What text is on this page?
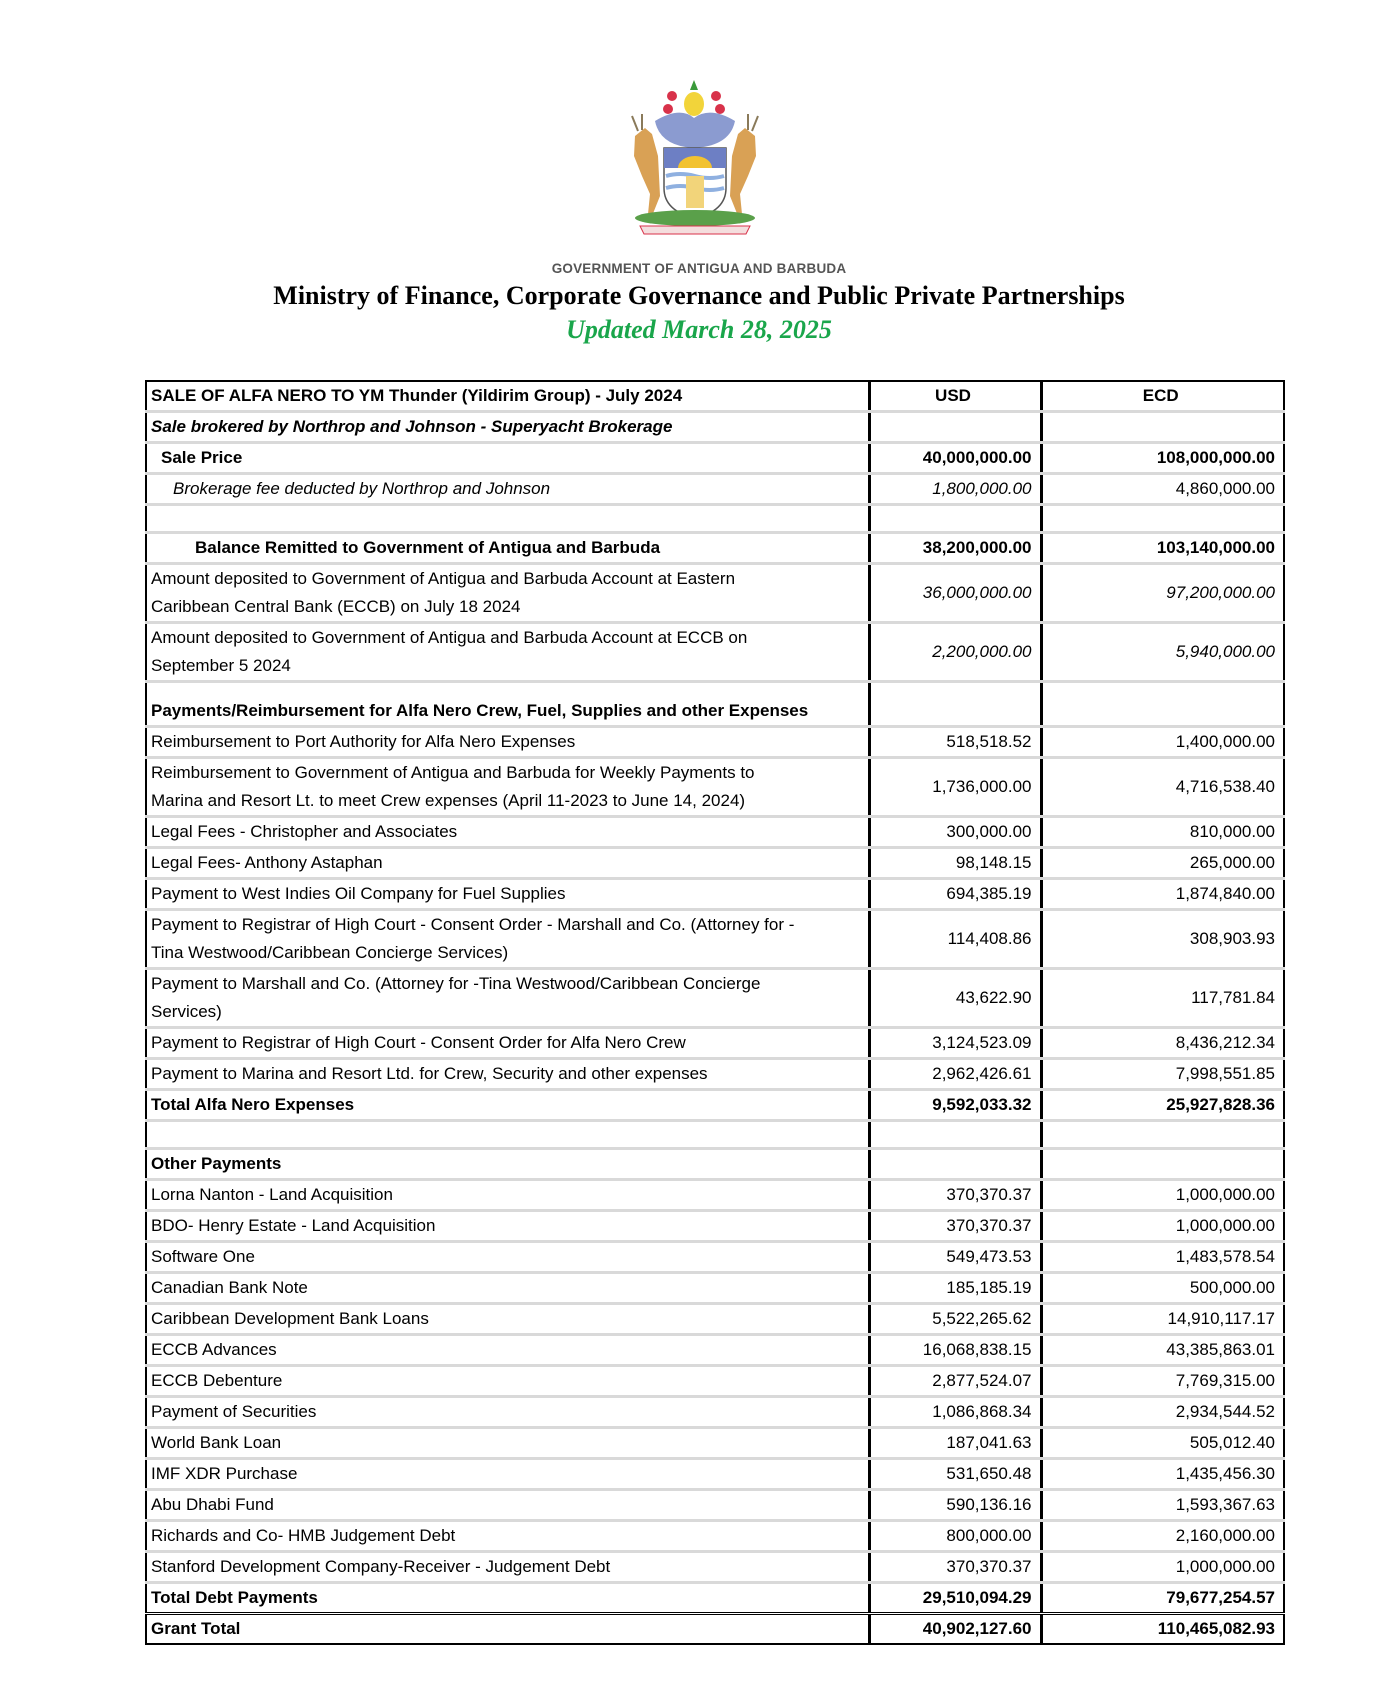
GOVERNMENT OF ANTIGUA AND BARBUDA
Ministry of Finance, Corporate Governance and Public Private Partnerships
Updated March 28, 2025
SALE OF ALFA NERO TO YM Thunder (Yildirim Group) - July 2024	USD	ECD
Sale brokered by Northrop and Johnson - Superyacht Brokerage		
Sale Price	40,000,000.00	108,000,000.00
Brokerage fee deducted by Northrop and Johnson	1,800,000.00	4,860,000.00

Balance Remitted to Government of Antigua and Barbuda	38,200,000.00	103,140,000.00
Amount deposited to Government of Antigua and Barbuda Account at Eastern
Caribbean Central Bank (ECCB) on July 18 2024	36,000,000.00	97,200,000.00
Amount deposited to Government of Antigua and Barbuda Account at ECCB on
September 5 2024	2,200,000.00	5,940,000.00

Payments/Reimbursement for Alfa Nero Crew, Fuel, Supplies and other Expenses		
Reimbursement to Port Authority for Alfa Nero Expenses	518,518.52	1,400,000.00
Reimbursement to Government of Antigua and Barbuda for Weekly Payments to
Marina and Resort Lt. to meet Crew expenses (April 11-2023 to June 14, 2024)	1,736,000.00	4,716,538.40
Legal Fees - Christopher and Associates	300,000.00	810,000.00
Legal Fees- Anthony Astaphan	98,148.15	265,000.00
Payment to West Indies Oil Company for Fuel Supplies	694,385.19	1,874,840.00
Payment to Registrar of High Court - Consent Order - Marshall and Co. (Attorney for -
Tina Westwood/Caribbean Concierge Services)	114,408.86	308,903.93
Payment to Marshall and Co. (Attorney for -Tina Westwood/Caribbean Concierge
Services)	43,622.90	117,781.84
Payment to Registrar of High Court - Consent Order for Alfa Nero Crew	3,124,523.09	8,436,212.34
Payment to Marina and Resort Ltd. for Crew, Security and other expenses	2,962,426.61	7,998,551.85
Total Alfa Nero Expenses	9,592,033.32	25,927,828.36

Other Payments		
Lorna Nanton - Land Acquisition	370,370.37	1,000,000.00
BDO- Henry Estate - Land Acquisition	370,370.37	1,000,000.00
Software One	549,473.53	1,483,578.54
Canadian Bank Note	185,185.19	500,000.00
Caribbean Development Bank Loans	5,522,265.62	14,910,117.17
ECCB Advances	16,068,838.15	43,385,863.01
ECCB Debenture	2,877,524.07	7,769,315.00
Payment of Securities	1,086,868.34	2,934,544.52
World Bank Loan	187,041.63	505,012.40
IMF XDR Purchase	531,650.48	1,435,456.30
Abu Dhabi Fund	590,136.16	1,593,367.63
Richards and Co- HMB Judgement Debt	800,000.00	2,160,000.00
Stanford Development Company-Receiver - Judgement Debt	370,370.37	1,000,000.00
Total Debt Payments	29,510,094.29	79,677,254.57
Grant Total	40,902,127.60	110,465,082.93
